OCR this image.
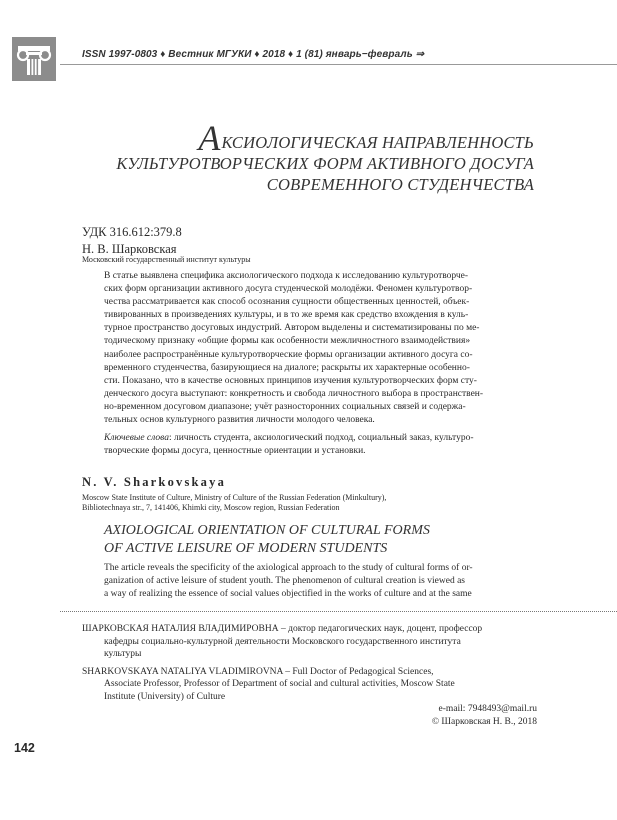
ISSN 1997-0803 ♦ Вестник МГУКИ ♦ 2018 ♦ 1 (81) январь−февраль ⇒
АКСИОЛОГИЧЕСКАЯ НАПРАВЛЕННОСТЬ
КУЛЬТУРОТВОРЧЕСКИХ ФОРМ АКТИВНОГО ДОСУГА
СОВРЕМЕННОГО СТУДЕНЧЕСТВА
УДК 316.612:379.8
Н. В. Шарковская
Московский государственный институт культуры
В статье выявлена специфика аксиологического подхода к исследованию культуротворче-
ских форм организации активного досуга студенческой молодёжи. Феномен культуротвор-
чества рассматривается как способ осознания сущности общественных ценностей, объек-
тивированных в произведениях культуры, и в то же время как средство вхождения в куль-
турное пространство досуговых индустрий. Автором выделены и систематизированы по ме-
тодическому признаку «общие формы как особенности межличностного взаимодействия»
наиболее распространённые культуротворческие формы организации активного досуга со-
временного студенчества, базирующиеся на диалоге; раскрыты их характерные особенно-
сти. Показано, что в качестве основных принципов изучения культуротворческих форм сту-
денческого досуга выступают: конкретность и свобода личностного выбора в пространствен-
но-временном досуговом диапазоне; учёт разносторонних социальных связей и содержа-
тельных основ культурного развития личности молодого человека.
Ключевые слова: личность студента, аксиологический подход, социальный заказ, культуро-
творческие формы досуга, ценностные ориентации и установки.
N. V. Sharkovskaya
Moscow State Institute of Culture, Ministry of Culture of the Russian Federation (Minkultury),
Bibliotechnaya str., 7, 141406, Khimki city, Moscow region, Russian Federation
AXIOLOGICAL ORIENTATION OF CULTURAL FORMS
OF ACTIVE LEISURE OF MODERN STUDENTS
The article reveals the specificity of the axiological approach to the study of cultural forms of or-
ganization of active leisure of student youth. The phenomenon of cultural creation is viewed as
a way of realizing the essence of social values objectified in the works of culture and at the same
ШАРКОВСКАЯ НАТАЛИЯ ВЛАДИМИРОВНА – доктор педагогических наук, доцент, профессор
кафедры социально-культурной деятельности Московского государственного института
культуры
SHARKOVSKAYA NATALIYA VLADIMIROVNA – Full Doctor of Pedagogical Sciences,
Associate Professor, Professor of Department of social and cultural activities, Moscow State
Institute (University) of Culture
e-mail: 7948493@mail.ru
© Шарковская Н. В., 2018
142
